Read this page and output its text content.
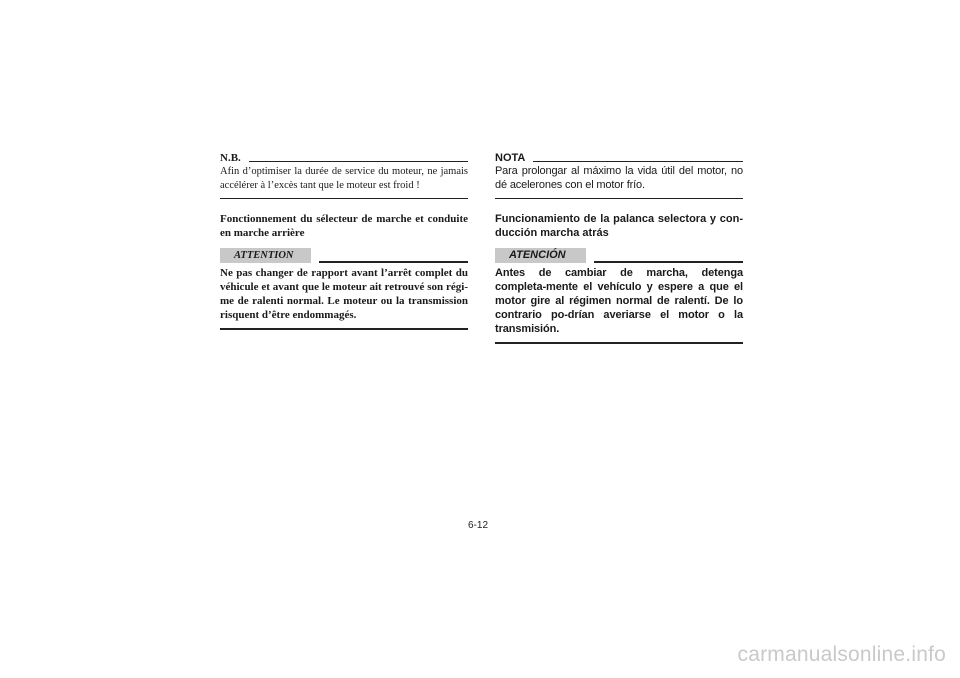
N.B.
Afin d’optimiser la durée de service du moteur, ne jamais accélérer à l’excès tant que le moteur est froid !
Fonctionnement du sélecteur de marche et conduite en marche arrière
ATTENTION
Ne pas changer de rapport avant l’arrêt complet du véhicule et avant que le moteur ait retrouvé son régi-me de ralenti normal. Le moteur ou la transmission risquent d’être endommagés.
NOTA
Para prolongar al máximo la vida útil del motor, no dé acelerones con el motor frío.
Funcionamiento de la palanca selectora y con-ducción marcha atrás
ATENCIÓN
Antes de cambiar de marcha, detenga completa-mente el vehículo y espere a que el motor gire al régimen normal de ralentí. De lo contrario po-drían averiarse el motor o la transmisión.
6-12
carmanualsonline.info
